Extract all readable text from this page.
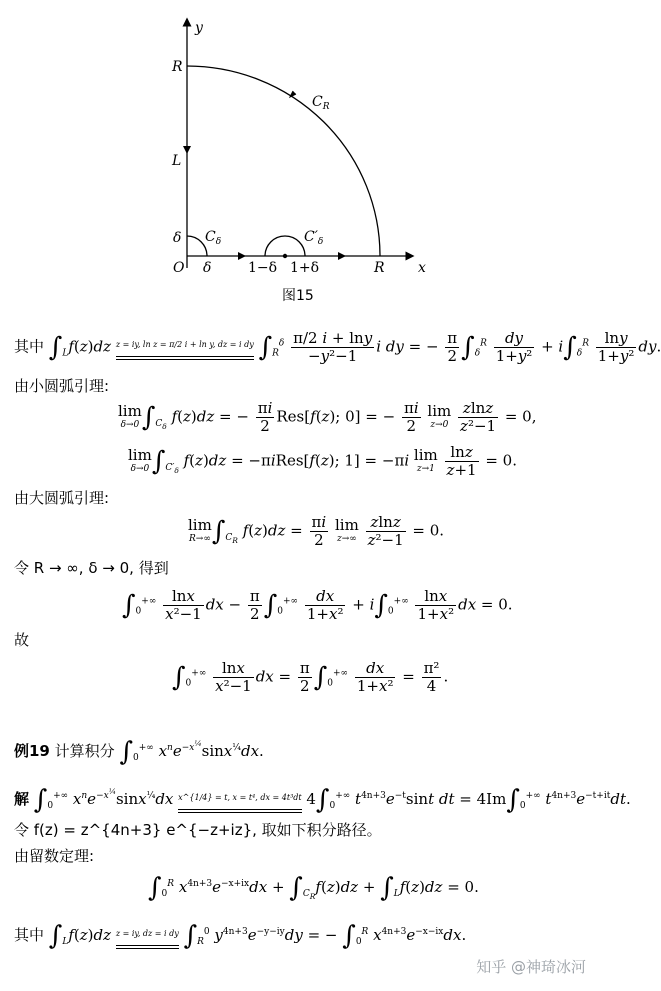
y
x
R
L
δ
O δ	1−δ 1+δ	R
$C_R$
$C_\delta$	$C'_\delta$
图15
其中 $\int_Lf(z)dz$ z = iy, ln z = π/2 i + ln y, dz = i dy $\int_R^\delta \frac{\pi/2 i + \ln y}{\text{−y²−1}}$ i dy = − $\frac{\pi}{2} \int_\delta^R \frac{dy}{\text{1+y²}} + i\int_\delta^R \frac{\ln y}{\text{1+y²}}$ dy.
由小圆弧引理:
lim
δ→0 $\int_{C_\delta}$ f(z)dz = − $\frac{\pi i}{2} Res[f(z)$; 0] = − $\frac{\pi i}{2}$ lim
z→0
$\frac{zlnz}{\text{z²−1}} = 0$,
lim
δ→0 $\int_{C'_\delta}$ f(z)dz = −πiRes[f(z); 1] = −πi lim
z→1
$\frac{\ln z}{z+1} = 0$.
由大圆弧引理:
lim
R→∞ $\int_{C_R}$ $f(z)dz = \frac{\pi i}{2}$ lim
z→∞
$\frac{zlnz}{\text{z²−1}} = 0$.
令 R → ∞, δ → 0, 得到
$\int_0^{+\infty} \frac{\ln x}{\text{x²−1}}$ dx − $\frac{\pi}{2} \int_0^{+\infty} \frac{dx}{\text{1+x²}} + i\int_0^{+\infty} \frac{\ln x}{\text{1+x²}}$ dx = 0.
故
$\int_0^{+\infty} \frac{\ln x}{\text{x²−1}}$ dx = $\frac{\pi}{2} \int_0^{+\infty} \frac{dx}{\text{1+x²}} = \frac{\text{π²}}{4}$ .
例19 计算积分 $\int_0^{+\infty}$ $x^ne^{-x^{\frac{1}{4}}}\sin x^{\frac{1}{4}}dx$.
解 $\int_0^{+\infty}$ $x^ne^{-x^{\frac{1}{4}}}\sin x^{\frac{1}{4}}dx$ x^{1/4} = t, x = t⁴, dx = 4t³dt
$4\int_0^{+\infty}$ $t^{4n+3}e^{-t}\sin t$ dt = $4Im\int_0^{+\infty}$ $t^{4n+3}e^{-t+it}dt$.
令 f(z) = z^{4n+3} e^{−z+iz}, 取如下积分路径。
由留数定理:
$\int_0^R$ $x^{4n+3}e^{-x+ix}dx + \int_{C_R}f(z)dz + \int_Lf(z)dz = 0$.
其中 $\int_Lf(z)dz$ z = iy, dz = i dy $\int_R^0$ $y^{4n+3}e^{-y-iy}dy$ = − $\int_0^R$ $x^{4n+3}e^{-x-ix}dx$.
知乎 @神琦冰河
